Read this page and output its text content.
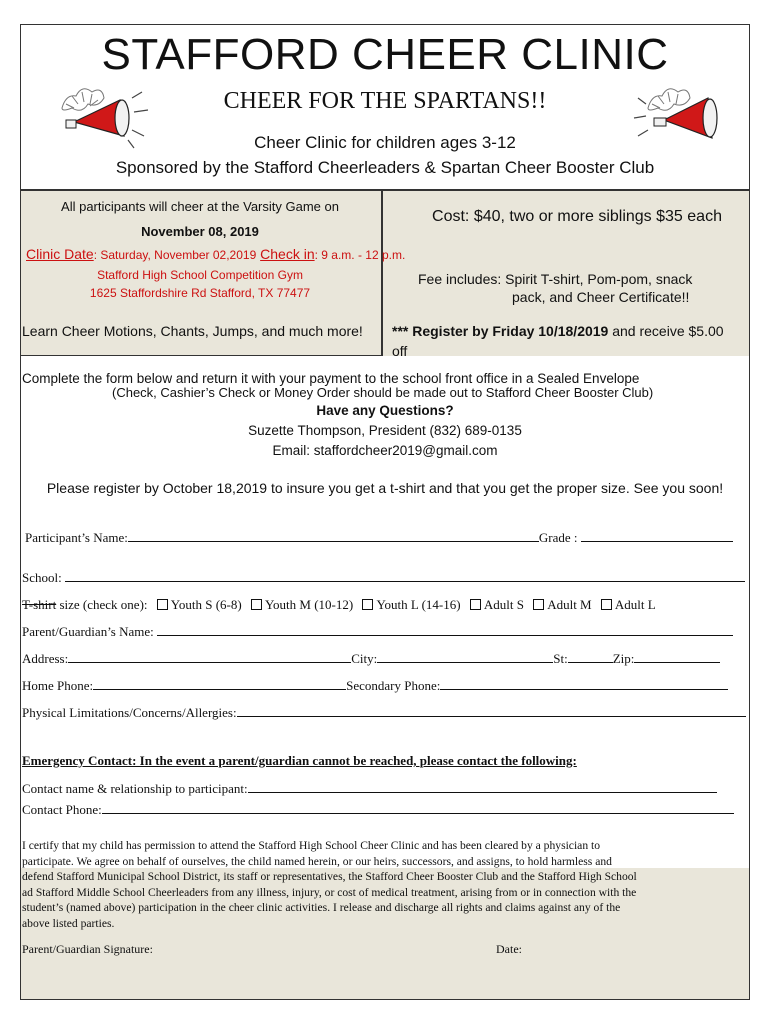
STAFFORD CHEER CLINIC
CHEER FOR THE SPARTANS!!
Cheer Clinic for children ages 3-12
Sponsored by the Stafford Cheerleaders & Spartan Cheer Booster Club
All participants will cheer at the Varsity Game on
November 08, 2019
Clinic Date: Saturday, November 02,2019 Check in: 9 a.m. - 12 p.m.
Stafford High School Competition Gym
1625 Staffordshire Rd Stafford, TX 77477
Learn Cheer Motions, Chants, Jumps, and much more!
Cost: $40, two or more siblings $35 each
Fee includes: Spirit T-shirt, Pom-pom, snack
pack, and Cheer Certificate!!
*** Register by Friday 10/18/2019 and receive $5.00
off
Complete the form below and return it with your payment to the school front office in a Sealed Envelope
(Check, Cashier’s Check or Money Order should be made out to Stafford Cheer Booster Club)
Have any Questions?
Suzette Thompson, President (832) 689-0135
Email: staffordcheer2019@gmail.com
Please register by October 18,2019 to insure you get a t-shirt and that you get the proper size. See you soon!
Participant’s Name:	Grade :
School:
T-shirt size (check one): Youth S (6-8) Youth M (10-12) Youth L (14-16) Adult S Adult M Adult L
Parent/Guardian’s Name:
Address:	City:	St:	Zip:
Home Phone:	Secondary Phone:
Physical Limitations/Concerns/Allergies:
Emergency Contact: In the event a parent/guardian cannot be reached, please contact the following:
Contact name & relationship to participant:
Contact Phone:
I certify that my child has permission to attend the Stafford High School Cheer Clinic and has been cleared by a physician to
participate. We agree on behalf of ourselves, the child named herein, or our heirs, successors, and assigns, to hold harmless and
defend Stafford Municipal School District, its staff or representatives, the Stafford Cheer Booster Club and the Stafford High School
ad Stafford Middle School Cheerleaders from any illness, injury, or cost of medical treatment, arising from or in connection with the
student’s (named above) participation in the cheer clinic activities. I release and discharge all rights and claims against any of the
above listed parties.
Parent/Guardian Signature:	Date:
